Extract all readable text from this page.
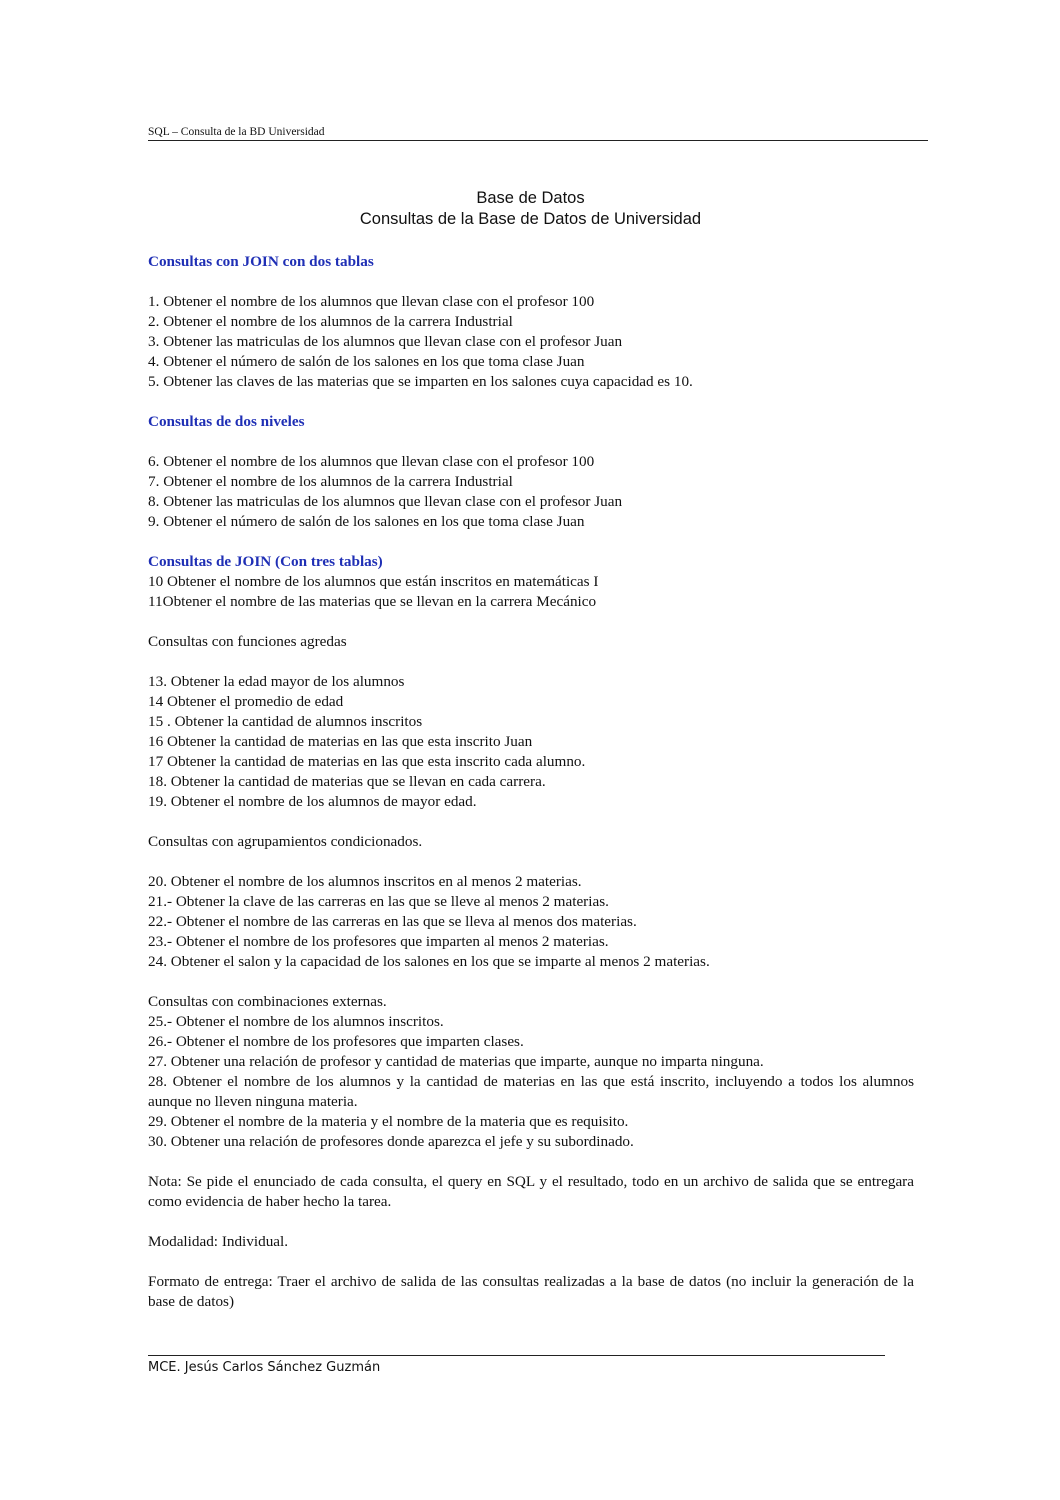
SQL – Consulta de la BD Universidad
Base de Datos
Consultas de la Base de Datos de Universidad

Consultas con JOIN con dos tablas

1. Obtener el nombre de los alumnos que llevan clase con el profesor 100

2. Obtener el nombre de los alumnos de la carrera Industrial

3. Obtener las matriculas de los alumnos que llevan clase con el profesor Juan

4. Obtener el número de salón de los salones en los que toma clase Juan

5. Obtener las claves de las materias que se imparten en los salones cuya capacidad es 10.

Consultas de dos niveles

6. Obtener el nombre de los alumnos que llevan clase con el profesor 100

7. Obtener el nombre de los alumnos de la carrera Industrial

8. Obtener las matriculas de los alumnos que llevan clase con el profesor Juan

9. Obtener el número de salón de los salones en los que toma clase Juan

Consultas de JOIN (Con tres tablas)

10 Obtener el nombre de los alumnos que están inscritos en matemáticas I

11Obtener el nombre de las materias que se llevan en la carrera Mecánico

Consultas con funciones agredas

13. Obtener la edad mayor de los alumnos

14 Obtener el promedio de edad

15 . Obtener la cantidad de alumnos inscritos

16 Obtener la cantidad de materias en las que esta inscrito Juan

17 Obtener la cantidad de materias en las que esta inscrito cada alumno.

18. Obtener la cantidad de materias que se llevan en cada carrera.

19. Obtener el nombre de los alumnos de mayor edad.

Consultas con agrupamientos condicionados.

20. Obtener el nombre de los alumnos inscritos en al menos 2 materias.

21.- Obtener la clave de las carreras en las que se lleve al menos 2 materias.

22.- Obtener el nombre de las carreras en las que se lleva al menos dos materias.

23.- Obtener el nombre de los profesores que imparten al menos 2 materias.

24. Obtener el salon y la capacidad de los salones en los que se imparte al menos 2 materias.

Consultas con combinaciones externas.

25.- Obtener el nombre de los alumnos inscritos.

26.- Obtener el nombre de los profesores que imparten clases.

27. Obtener una relación de profesor y cantidad de materias que imparte, aunque no imparta ninguna.

28. Obtener el nombre de los alumnos y la cantidad de materias en las que está inscrito, incluyendo a todos los alumnos aunque no lleven ninguna materia.

29. Obtener el nombre de la materia y el nombre de la materia que es requisito.

30. Obtener una relación de profesores donde aparezca el jefe y su subordinado.

Nota: Se pide el enunciado de cada consulta, el query en SQL y el resultado, todo en un archivo de salida que se entregara como evidencia de haber hecho la tarea.

Modalidad: Individual.

Formato de entrega: Traer el archivo de salida de las consultas realizadas a la base de datos (no incluir la generación de la base de datos)

MCE. Jesús Carlos Sánchez Guzmán
